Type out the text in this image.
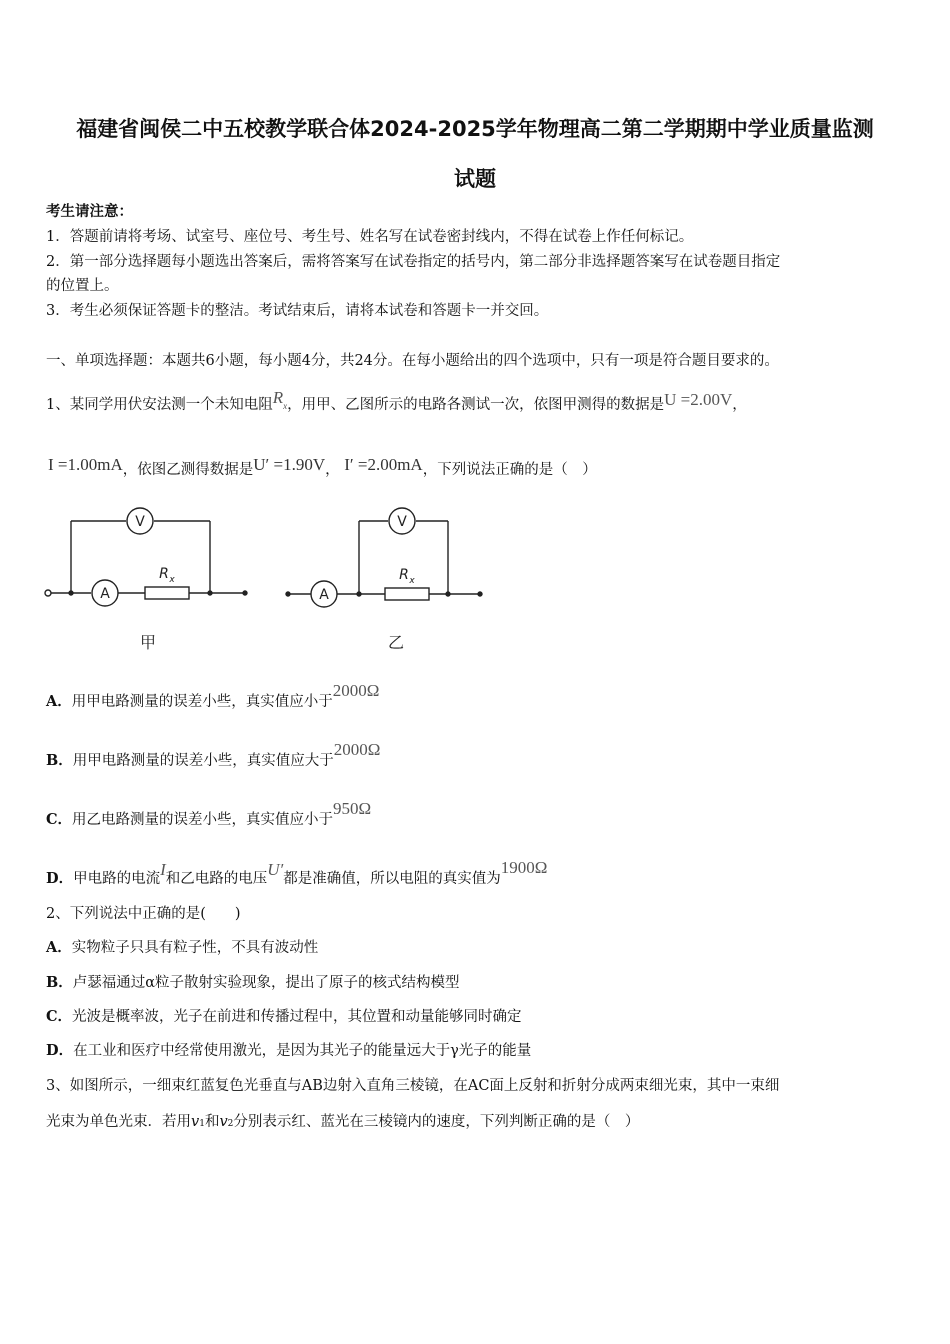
福建省闽侯二中五校教学联合体2024-2025学年物理高二第二学期期中学业质量监测
试题
考生请注意：
1．答题前请将考场、试室号、座位号、考生号、姓名写在试卷密封线内，不得在试卷上作任何标记。
2．第一部分选择题每小题选出答案后，需将答案写在试卷指定的括号内，第二部分非选择题答案写在试卷题目指定
的位置上。
3．考生必须保证答题卡的整洁。考试结束后，请将本试卷和答题卡一并交回。
一、单项选择题：本题共6小题，每小题4分，共24分。在每小题给出的四个选项中，只有一项是符合题目要求的。
1、某同学用伏安法测一个未知电阻Rx，用甲、乙图所示的电路各测试一次，依图甲测得的数据是U =2.00V，
I =1.00mA，依图乙测得数据是U′ =1.90V， I′ =2.00mA，下列说法正确的是（　）
V
A
V
A
R x	R x
甲	乙
A．用甲电路测量的误差小些，真实值应小于2000Ω
B．用甲电路测量的误差小些，真实值应大于2000Ω
C．用乙电路测量的误差小些，真实值应小于950Ω
D．甲电路的电流I和乙电路的电压U′都是准确值，所以电阻的真实值为1900Ω
2、下列说法中正确的是(　　)
A．实物粒子只具有粒子性，不具有波动性
B．卢瑟福通过α粒子散射实验现象，提出了原子的核式结构模型
C．光波是概率波，光子在前进和传播过程中，其位置和动量能够同时确定
D．在工业和医疗中经常使用激光，是因为其光子的能量远大于γ光子的能量
3、如图所示，一细束红蓝复色光垂直与AB边射入直角三棱镜，在AC面上反射和折射分成两束细光束，其中一束细
光束为单色光束．若用v1和v2分别表示红、蓝光在三棱镜内的速度，下列判断正确的是（　）
